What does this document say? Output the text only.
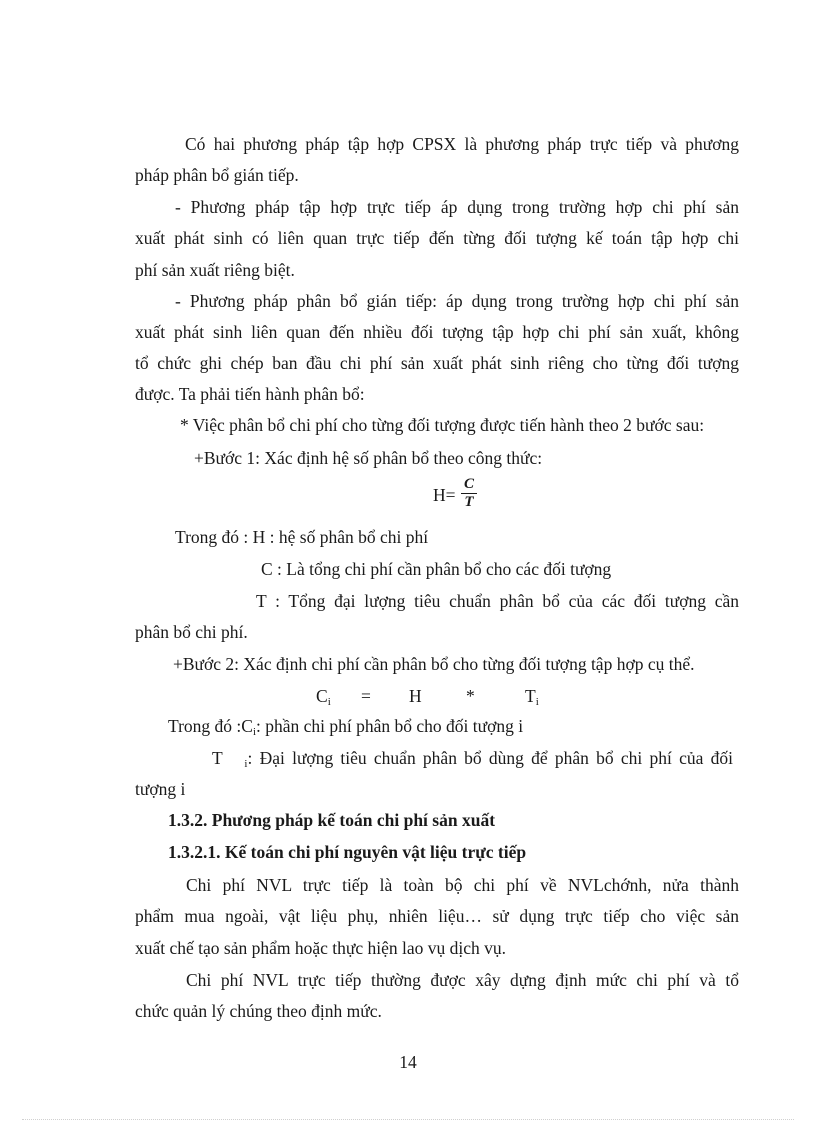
Có hai phương pháp tập hợp CPSX là phương pháp trực tiếp và phương
pháp phân bổ gián tiếp.
- Phương pháp tập hợp trực tiếp áp dụng trong trường hợp chi phí sản
xuất phát sinh có liên quan trực tiếp đến từng đối tượng kế toán tập hợp chi
phí sản xuất riêng biệt.
- Phương pháp phân bổ gián tiếp: áp dụng trong trường hợp chi phí sản
xuất phát sinh liên quan đến nhiều đối tượng tập hợp chi phí sản xuất, không
tổ chức ghi chép ban đầu chi phí sản xuất phát sinh riêng cho từng đối tượng
được. Ta phải tiến hành phân bổ:
* Việc phân bổ chi phí cho từng đối tượng được tiến hành theo 2 bước sau:
+Bước 1: Xác định hệ số phân bổ theo công thức:
$H= \frac{C}{T}$
Trong đó : H : hệ số phân bổ chi phí
C : Là tổng chi phí cần phân bổ cho các đối tượng
T : Tổng đại lượng tiêu chuẩn phân bổ của các đối tượng cần
phân bổ chi phí.
+Bước 2: Xác định chi phí cần phân bổ cho từng đối tượng tập hợp cụ thể.
$C_i = H$	*	$T_i$
Trong đó $:C_i$: phần chi phí phân bổ cho đối tượng i
T $_i$: Đại lượng tiêu chuẩn phân bổ dùng để phân bổ chi phí của đối
tượng i
1.3.2. Phương pháp kế toán chi phí sản xuất
1.3.2.1. Kế toán chi phí nguyên vật liệu trực tiếp
Chi phí NVL trực tiếp là toàn bộ chi phí về NVLchớnh, nửa thành
phẩm mua ngoài, vật liệu phụ, nhiên liệu… sử dụng trực tiếp cho việc sản
xuất chế tạo sản phẩm hoặc thực hiện lao vụ dịch vụ.
Chi phí NVL trực tiếp thường được xây dựng định mức chi phí và tổ
chức quản lý chúng theo định mức.
14
